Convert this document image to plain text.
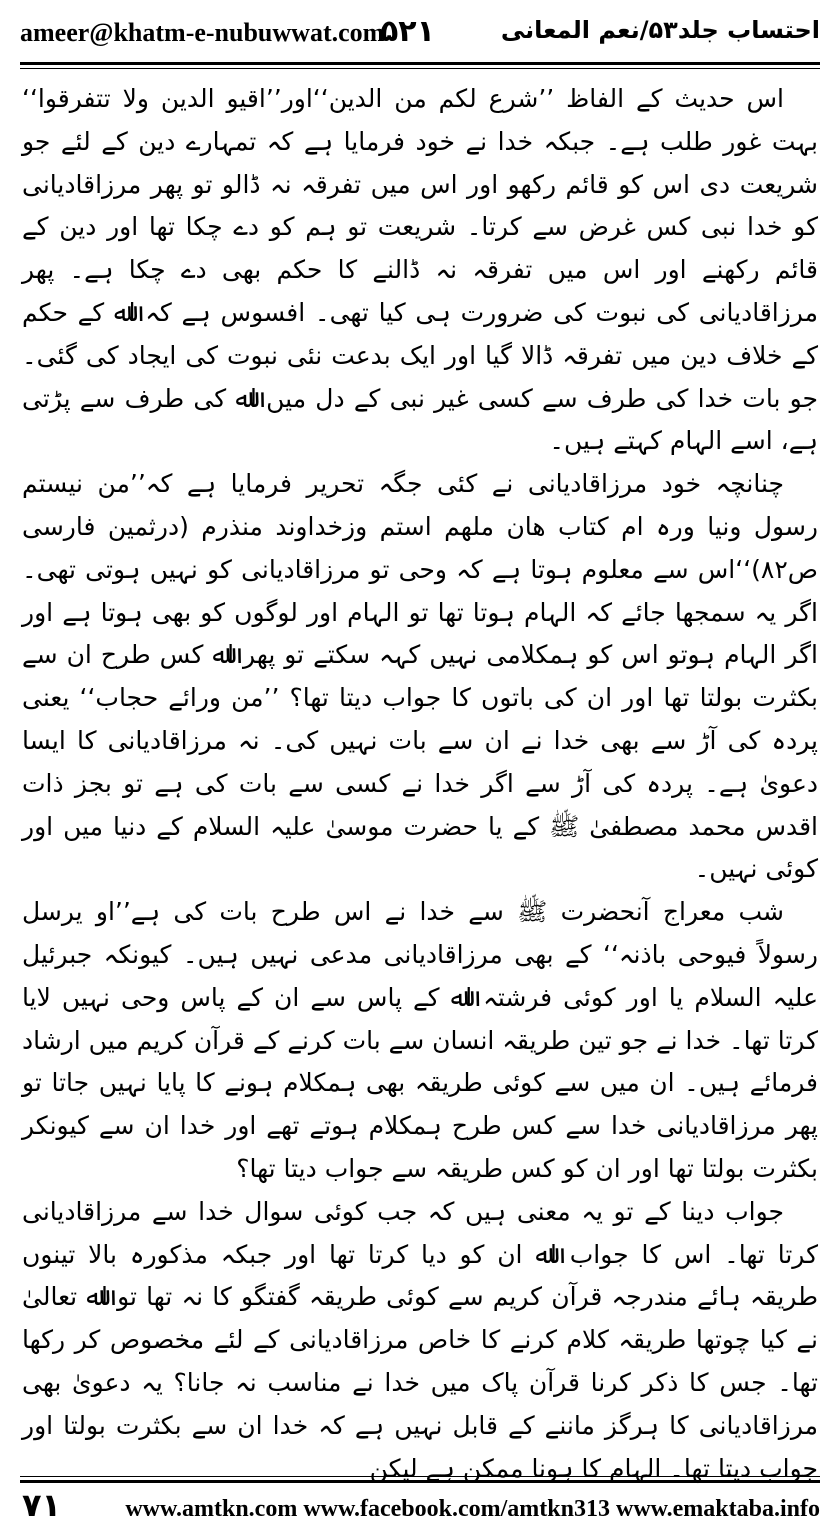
ameer@khatm-e-nubuwwat.com
۵۲۱	احتساب جلد۵۳/نعم المعانی

اس حدیث کے الفاظ ’’شرع لکم من الدین‘‘اور’’اقیو الدین ولا تتفرقوا‘‘ بہت غور طلب ہے۔ جبکہ خدا نے خود فرمایا ہے کہ تمہارے دین کے لئے جو شریعت دی اس کو قائم رکھو اور اس میں تفرقہ نہ ڈالو تو پھر مرزاقادیانی کو خدا نبی کس غرض سے کرتا۔ شریعت تو ہم کو دے چکا تھا اور دین کے قائم رکھنے اور اس میں تفرقہ نہ ڈالنے کا حکم بھی دے چکا ہے۔ پھر مرزاقادیانی کی نبوت کی ضرورت ہی کیا تھی۔ افسوس ہے کہ اﷲ کے حکم کے خلاف دین میں تفرقہ ڈالا گیا اور ایک بدعت نئی نبوت کی ایجاد کی گئی۔ جو بات خدا کی طرف سے کسی غیر نبی کے دل میں اﷲ کی طرف سے پڑتی ہے، اسے الہام کہتے ہیں۔

چنانچہ خود مرزاقادیانی نے کئی جگہ تحریر فرمایا ہے کہ’’من نیستم رسول ونیا ورہ ام کتاب ھان ملھم استم وزخداوند منذرم (درثمین فارسی ص۸۲)‘‘اس سے معلوم ہوتا ہے کہ وحی تو مرزاقادیانی کو نہیں ہوتی تھی۔ اگر یہ سمجھا جائے کہ الہام ہوتا تھا تو الہام اور لوگوں کو بھی ہوتا ہے اور اگر الہام ہوتو اس کو ہمکلامی نہیں کہہ سکتے تو پھر اﷲ کس طرح ان سے بکثرت بولتا تھا اور ان کی باتوں کا جواب دیتا تھا؟ ’’من ورائے حجاب‘‘ یعنی پردہ کی آڑ سے بھی خدا نے ان سے بات نہیں کی۔ نہ مرزاقادیانی کا ایسا دعویٰ ہے۔ پردہ کی آڑ سے اگر خدا نے کسی سے بات کی ہے تو بجز ذات اقدس محمد مصطفیٰ ﷺ کے یا حضرت موسیٰ علیہ السلام کے دنیا میں اور کوئی نہیں۔

شب معراج آنحضرت ﷺ سے خدا نے اس طرح بات کی ہے’’او یرسل رسولاً فیوحی باذنہ‘‘ کے بھی مرزاقادیانی مدعی نہیں ہیں۔ کیونکہ جبرئیل علیہ السلام یا اور کوئی فرشتہ اﷲ کے پاس سے ان کے پاس وحی نہیں لایا کرتا تھا۔ خدا نے جو تین طریقہ انسان سے بات کرنے کے قرآن کریم میں ارشاد فرمائے ہیں۔ ان میں سے کوئی طریقہ بھی ہمکلام ہونے کا پایا نہیں جاتا تو پھر مرزاقادیانی خدا سے کس طرح ہمکلام ہوتے تھے اور خدا ان سے کیونکر بکثرت بولتا تھا اور ان کو کس طریقہ سے جواب دیتا تھا؟

جواب دینا کے تو یہ معنی ہیں کہ جب کوئی سوال خدا سے مرزاقادیانی کرتا تھا۔ اس کا جواب اﷲ ان کو دیا کرتا تھا اور جبکہ مذکورہ بالا تینوں طریقہ ہائے مندرجہ قرآن کریم سے کوئی طریقہ گفتگو کا نہ تھا تو اﷲ تعالیٰ نے کیا چوتھا طریقہ کلام کرنے کا خاص مرزاقادیانی کے لئے مخصوص کر رکھا تھا۔ جس کا ذکر کرنا قرآن پاک میں خدا نے مناسب نہ جانا؟ یہ دعویٰ بھی مرزاقادیانی کا ہرگز ماننے کے قابل نہیں ہے کہ خدا ان سے بکثرت بولتا اور جواب دیتا تھا۔ الہام کا ہونا ممکن ہے لیکن

۷۱	www.amtkn.com www.facebook.com/amtkn313 www.emaktaba.info
